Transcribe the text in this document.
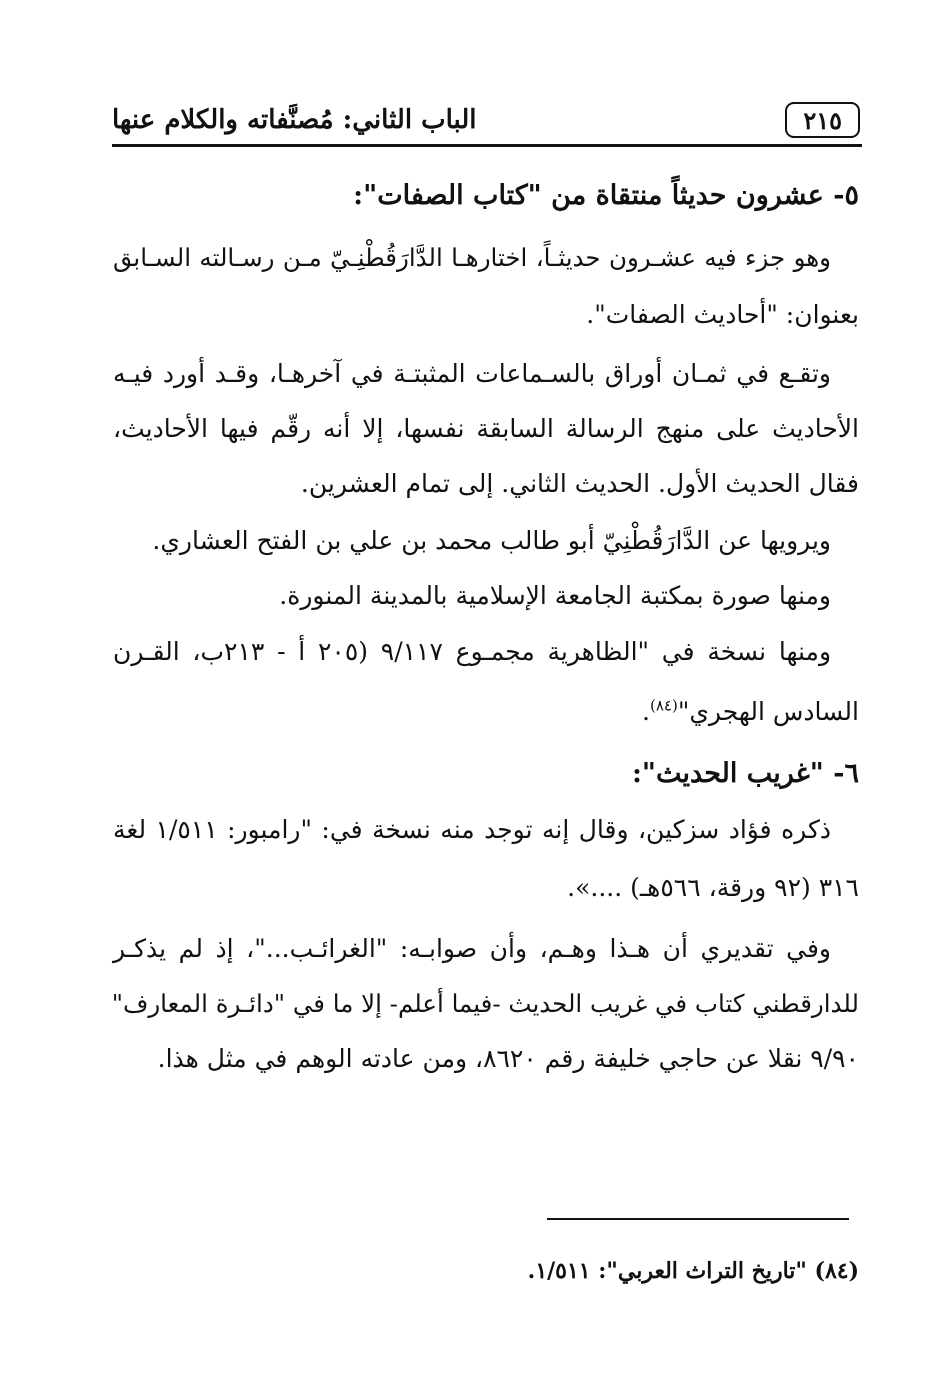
٢١٥
الباب الثاني: مُصنَّفاته والكلام عنها
٥- عشرون حديثاً منتقاة من "كتاب الصفات":
وهو جزء فيه عشـرون حديثـاً، اختارهـا الدَّارَقُطْنِـيّ مـن رسـالته السـابق
بعنوان: "أحاديث الصفات".
وتقـع في ثمـان أوراق بالسـماعات المثبتـة في آخرهـا، وقـد أورد فيـه
الأحاديث على منهج الرسالة السابقة نفسها، إلا أنه رقّم فيها الأحاديث،
فقال الحديث الأول. الحديث الثاني. إلى تمام العشرين.
ويرويها عن الدَّارَقُطْنِيّ أبو طالب محمد بن علي بن الفتح العشاري.
ومنها صورة بمكتبة الجامعة الإسلامية بالمدينة المنورة.
ومنها نسخة في "الظاهرية مجمـوع ٩/١١٧ (٢٠٥ أ - ٢١٣ب، القـرن
السادس الهجري"$^{(٨٤)}$.
٦- "غريب الحديث":
ذكره فؤاد سزكين، وقال إنه توجد منه نسخة في: "رامبور: ١/٥١١ لغة
٣١٦ (٩٢ ورقة، ٥٦٦هـ) ....».
وفي تقديري أن هـذا وهـم، وأن صوابـه: "الغرائـب..."، إذ لم يذكـر
للدارقطني كتاب في غريب الحديث -فيما أعلم- إلا ما في "دائـرة المعارف"
٩/٩٠ نقلا عن حاجي خليفة رقم ٨٦٢٠، ومن عادته الوهم في مثل هذا.
(٨٤) "تاريخ التراث العربي": ١/٥١١.
